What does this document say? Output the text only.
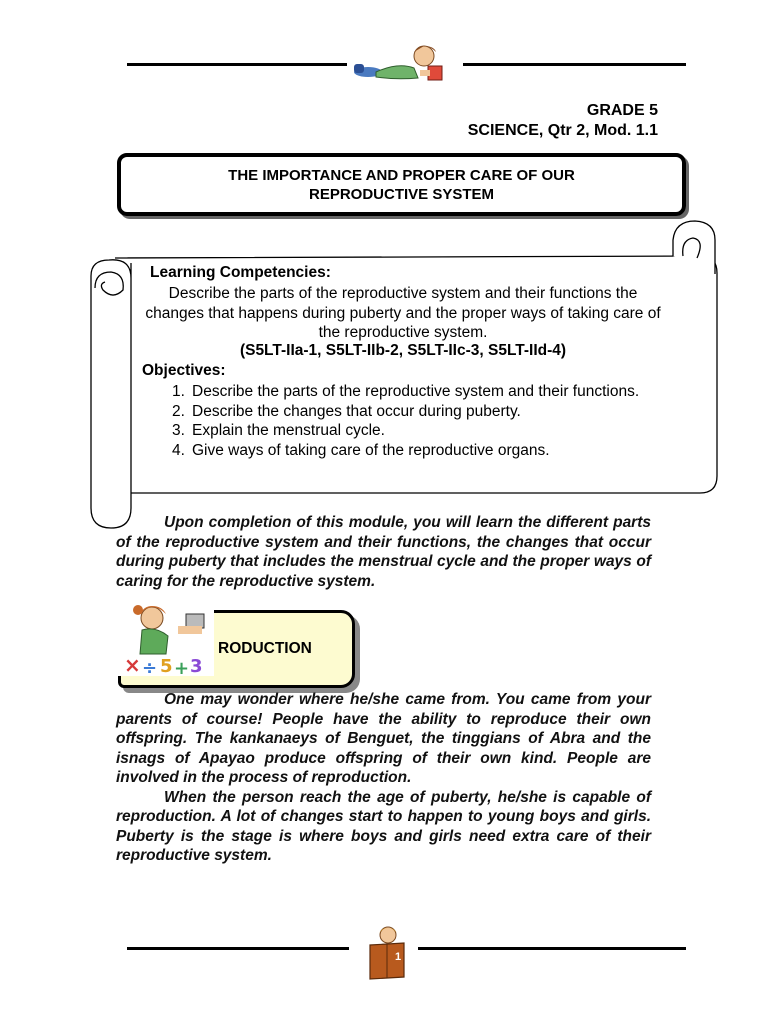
GRADE 5
SCIENCE, Qtr 2, Mod. 1.1
THE IMPORTANCE AND PROPER CARE OF OUR
REPRODUCTIVE SYSTEM
Learning Competencies:
Describe the parts of the reproductive system and their functions the changes that happens during puberty and the proper ways of taking care of the reproductive system.
(S5LT-IIa-1, S5LT-IIb-2, S5LT-IIc-3, S5LT-IId-4)
Objectives:
1. Describe the parts of the reproductive system and their functions.
2. Describe the changes that occur during puberty.
3. Explain the menstrual cycle.
4. Give ways of taking care of the reproductive organs.

Upon completion of this module, you will learn the different parts of the reproductive system and their functions, the changes that occur during puberty that includes the menstrual cycle and the proper ways of caring for the reproductive system.

× ÷ 5 + 3
RODUCTION

One may wonder where he/she came from. You came from your parents of course! People have the ability to reproduce their own offspring. The kankanaeys of Benguet, the tinggians of Abra and the isnags of Apayao produce offspring of their own kind. People are involved in the process of reproduction.

When the person reach the age of puberty, he/she is capable of reproduction. A lot of changes start to happen to young boys and girls. Puberty is the stage is where boys and girls need extra care of their reproductive system.

1
